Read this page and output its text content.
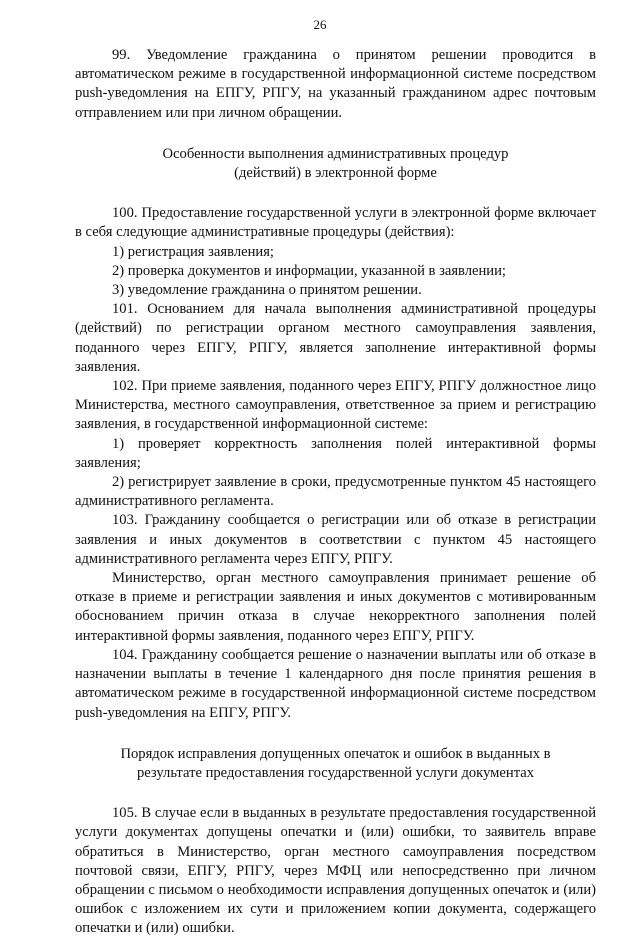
26

99. Уведомление гражданина о принятом решении проводится в автоматическом режиме в государственной информационной системе посредством push-уведомления на ЕПГУ, РПГУ, на указанный гражданином адрес почтовым отправлением или при личном обращении.

Особенности выполнения административных процедур (действий) в электронной форме

100. Предоставление государственной услуги в электронной форме включает в себя следующие административные процедуры (действия):

1) регистрация заявления;

2) проверка документов и информации, указанной в заявлении;

3) уведомление гражданина о принятом решении.

101. Основанием для начала выполнения административной процедуры (действий) по регистрации органом местного самоуправления заявления, поданного через ЕПГУ, РПГУ, является заполнение интерактивной формы заявления.

102. При приеме заявления, поданного через ЕПГУ, РПГУ должностное лицо Министерства, местного самоуправления, ответственное за прием и регистрацию заявления, в государственной информационной системе:

1) проверяет корректность заполнения полей интерактивной формы заявления;

2) регистрирует заявление в сроки, предусмотренные пунктом 45 настоящего административного регламента.

103. Гражданину сообщается о регистрации или об отказе в регистрации заявления и иных документов в соответствии с пунктом 45 настоящего административного регламента через ЕПГУ, РПГУ.

Министерство, орган местного самоуправления принимает решение об отказе в приеме и регистрации заявления и иных документов с мотивированным обоснованием причин отказа в случае некорректного заполнения полей интерактивной формы заявления, поданного через ЕПГУ, РПГУ.

104. Гражданину сообщается решение о назначении выплаты или об отказе в назначении выплаты в течение 1 календарного дня после принятия решения в автоматическом режиме в государственной информационной системе посредством push-уведомления на ЕПГУ, РПГУ.

Порядок исправления допущенных опечаток и ошибок в выданных в результате предоставления государственной услуги документах

105. В случае если в выданных в результате предоставления государственной услуги документах допущены опечатки и (или) ошибки, то заявитель вправе обратиться в Министерство, орган местного самоуправления посредством почтовой связи, ЕПГУ, РПГУ, через МФЦ или непосредственно при личном обращении с письмом о необходимости исправления допущенных опечаток и (или) ошибок с изложением их сути и приложением копии документа, содержащего опечатки и (или) ошибки.
